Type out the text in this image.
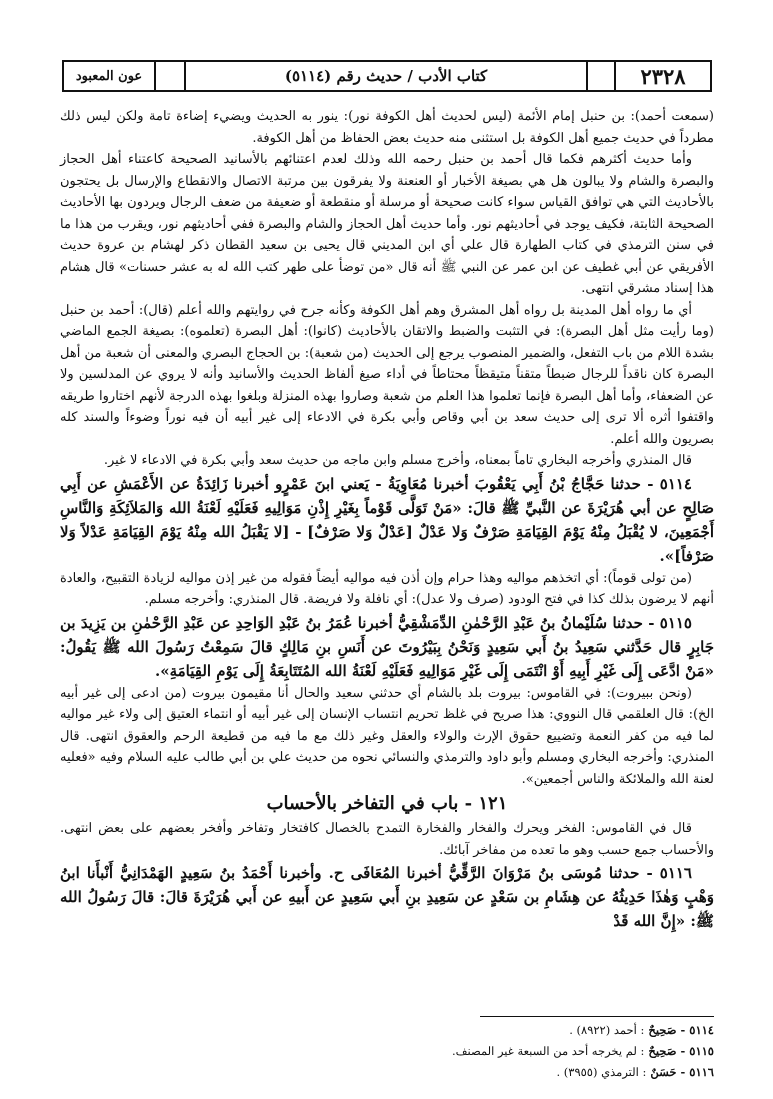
٢٣٢٨
كتاب الأدب / حديث رقم (٥١١٤)
عون المعبود

(سمعت أحمد): بن حنبل إمام الأئمة (ليس لحديث أهل الكوفة نور): ينور به الحديث ويضيء إضاءة تامة ولكن ليس ذلك مطرداً في حديث جميع أهل الكوفة بل استثنى منه حديث بعض الحفاظ من أهل الكوفة.

وأما حديث أكثرهم فكما قال أحمد بن حنبل رحمه الله وذلك لعدم اعتنائهم بالأسانيد الصحيحة كاعتناء أهل الحجاز والبصرة والشام ولا يبالون هل هي بصيغة الأخبار أو العنعنة ولا يفرقون بين مرتبة الاتصال والانقطاع والإرسال بل يحتجون بالأحاديث التي هي توافق القياس سواء كانت صحيحة أو مرسلة أو منقطعة أو ضعيفة من ضعف الرجال ويردون بها الأحاديث الصحيحة الثابتة، فكيف يوجد في أحاديثهم نور. وأما حديث أهل الحجاز والشام والبصرة ففي أحاديثهم نور، ويقرب من هذا ما في سنن الترمذي في كتاب الطهارة قال علي أي ابن المديني قال يحيى بن سعيد القطان ذكر لهشام بن عروة حديث الأفريقي عن أبي غطيف عن ابن عمر عن النبي ﷺ أنه قال «من توضأ على طهر كتب الله له به عشر حسنات» قال هشام هذا إسناد مشرقي انتهى.

أي ما رواه أهل المدينة بل رواه أهل المشرق وهم أهل الكوفة وكأنه جرح في روايتهم والله أعلم (قال): أحمد بن حنبل (وما رأيت مثل أهل البصرة): في التثبت والضبط والاتقان بالأحاديث (كانوا): أهل البصرة (تعلموه): بصيغة الجمع الماضي بشدة اللام من باب التفعل، والضمير المنصوب يرجع إلى الحديث (من شعبة): بن الحجاج البصري والمعنى أن شعبة من أهل البصرة كان ناقداً للرجال ضبطاً متقناً متيقظاً محتاطاً في أداء صيغ ألفاظ الحديث والأسانيد وأنه لا يروي عن المدلسين ولا عن الضعفاء، وأما أهل البصرة فإنما تعلموا هذا العلم من شعبة وصاروا بهذه المنزلة وبلغوا بهذه الدرجة لأنهم اختاروا طريقه واقتفوا أثره ألا ترى إلى حديث سعد بن أبي وقاص وأبي بكرة في الادعاء إلى غير أبيه أن فيه نوراً وضوءاً والسند كله بصريون والله أعلم.

قال المنذري وأخرجه البخاري تاماً بمعناه، وأخرج مسلم وابن ماجه من حديث سعد وأبي بكرة في الادعاء لا غير.

٥١١٤ - حدثنا حَجَّاجُ بْنُ أَبِي يَعْقُوبَ أخبرنا مُعَاوِيَةُ - يَعني ابنَ عَمْرٍو أخبرنا زَائِدَةُ عن الأَعْمَشِ عن أَبِي صَالِحٍ عن أبي هُرَيْرَةَ عن النَّبيِّ ﷺ قالَ: «مَنْ تَوَلَّى قَوْماً بِغَيْرِ إِذْنِ مَوَالِيهِ فَعَلَيْهِ لَعْنَةُ الله وَالمَلاَئِكَةِ وَالنَّاسِ أَجْمَعِينَ، لا يُقْبَلُ مِنْهُ يَوْمَ القِيَامَةِ صَرْفٌ وَلا عَدْلٌ [عَدْلٌ وَلا صَرْفٌ] - [لا يَقْبَلُ الله مِنْهُ يَوْمَ القِيَامَةِ عَدْلاً وَلا صَرْفاً]».

(من تولى قوماً): أي اتخذهم مواليه وهذا حرام وإن أذن فيه مواليه أيضاً فقوله من غير إذن مواليه لزيادة التقبيح، والعادة أنهم لا يرضون بذلك كذا في فتح الودود (صرف ولا عدل): أي نافلة ولا فريضة. قال المنذري: وأخرجه مسلم.

٥١١٥ - حدثنا سُلَيْمانُ بنُ عَبْدِ الرَّحْمٰنِ الدِّمَشْقِيُّ أخبرنا عُمَرُ بنُ عَبْدِ الوَاحِدِ عن عَبْدِ الرَّحْمٰنِ بن يَزِيدَ بن جَابِرٍ قال حَدَّثني سَعِيدُ بنُ أَبي سَعِيدٍ وَنَحْنُ بِبَيْرُوتَ عن أَنَسِ بنِ مَالِكٍ قالَ سَمِعْتُ رَسُولَ الله ﷺ يَقُولُ: «مَنْ ادَّعَى إِلَى غَيْرِ أَبِيهِ أَوْ انْتَمَى إِلَى غَيْرِ مَوَالِيهِ فَعَلَيْهِ لَعْنَةُ الله المُتَتَابِعَةُ إِلَى يَوْمِ القِيَامَةِ».

(ونحن ببيروت): في القاموس: بيروت بلد بالشام أي حدثني سعيد والحال أنا مقيمون بيروت (من ادعى إلى غير أبيه الخ): قال العلقمي قال النووي: هذا صريح في غلظ تحريم انتساب الإنسان إلى غير أبيه أو انتماء العتيق إلى ولاء غير مواليه لما فيه من كفر النعمة وتضييع حقوق الإرث والولاء والعقل وغير ذلك مع ما فيه من قطيعة الرحم والعقوق انتهى. قال المنذري: وأخرجه البخاري ومسلم وأبو داود والترمذي والنسائي نحوه من حديث علي بن أبي طالب عليه السلام وفيه «فعليه لعنة الله والملائكة والناس أجمعين».

١٢١ - باب في التفاخر بالأحساب

قال في القاموس: الفخر ويحرك والفخار والفخارة التمدح بالخصال كافتخار وتفاخر وأفخر بعضهم على بعض انتهى. والأحساب جمع حسب وهو ما تعده من مفاخر آبائك.

٥١١٦ - حدثنا مُوسَى بنُ مَرْوَانَ الرَّقِّيُّ أخبرنا المُعَافَى ح. وأخبرنا أَحْمَدُ بنُ سَعِيدٍ الهَمْدَانِيُّ أَنْبأَنا ابنُ وَهْبٍ وَهٰذَا حَدِيثُهُ عن هِشَامِ بن سَعْدٍ عن سَعِيدِ بنِ أَبي سَعِيدٍ عن أَبيهِ عن أَبي هُرَيْرَةَ قالَ: قالَ رَسُولُ الله ﷺ: «إِنَّ الله قَدْ

٥١١٤ -
صَحِيحٌ
: أحمد (٨٩٢٢) .
٥١١٥ -
صَحِيحٌ
: لم يخرجه أحد من السبعة غير المصنف.
٥١١٦ -
حَسَنٌ
: الترمذي (٣٩٥٥) .
